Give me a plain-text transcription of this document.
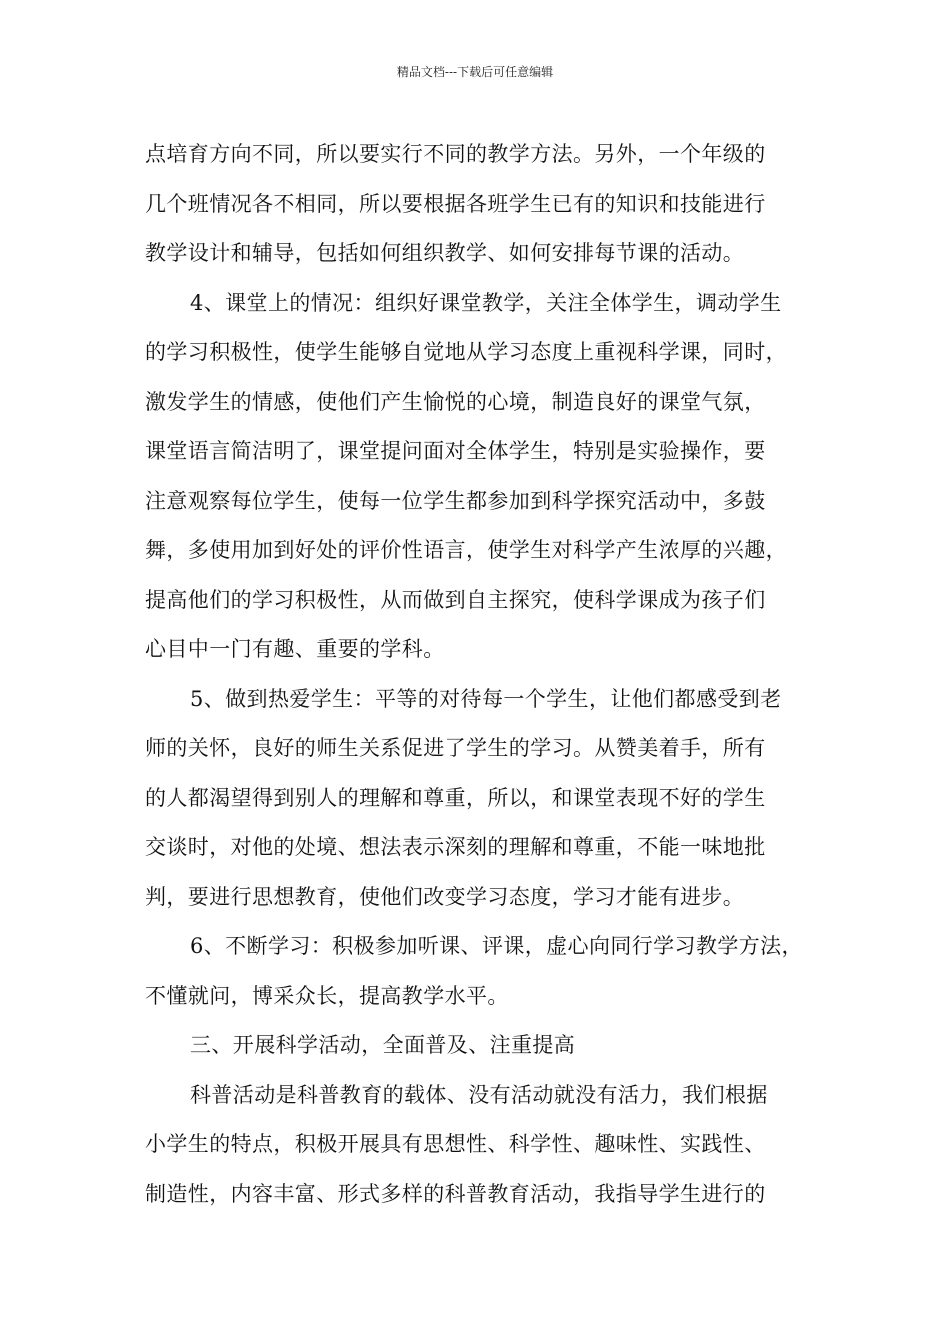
精品文档---下载后可任意编辑
点培育方向不同，所以要实行不同的教学方法。另外，一个年级的
几个班情况各不相同，所以要根据各班学生已有的知识和技能进行
教学设计和辅导，包括如何组织教学、如何安排每节课的活动。
4、课堂上的情况：组织好课堂教学，关注全体学生，调动学生
的学习积极性，使学生能够自觉地从学习态度上重视科学课，同时，
激发学生的情感，使他们产生愉悦的心境，制造良好的课堂气氛，
课堂语言简洁明了，课堂提问面对全体学生，特别是实验操作，要
注意观察每位学生，使每一位学生都参加到科学探究活动中，多鼓
舞，多使用加到好处的评价性语言，使学生对科学产生浓厚的兴趣，
提高他们的学习积极性，从而做到自主探究，使科学课成为孩子们
心目中一门有趣、重要的学科。
5、做到热爱学生：平等的对待每一个学生，让他们都感受到老
师的关怀，良好的师生关系促进了学生的学习。从赞美着手，所有
的人都渴望得到别人的理解和尊重，所以，和课堂表现不好的学生
交谈时，对他的处境、想法表示深刻的理解和尊重，不能一味地批
判，要进行思想教育，使他们改变学习态度，学习才能有进步。
6、不断学习：积极参加听课、评课，虚心向同行学习教学方法，
不懂就问，博采众长，提高教学水平。
三、开展科学活动，全面普及、注重提高
科普活动是科普教育的载体、没有活动就没有活力，我们根据
小学生的特点，积极开展具有思想性、科学性、趣味性、实践性、
制造性，内容丰富、形式多样的科普教育活动，我指导学生进行的
